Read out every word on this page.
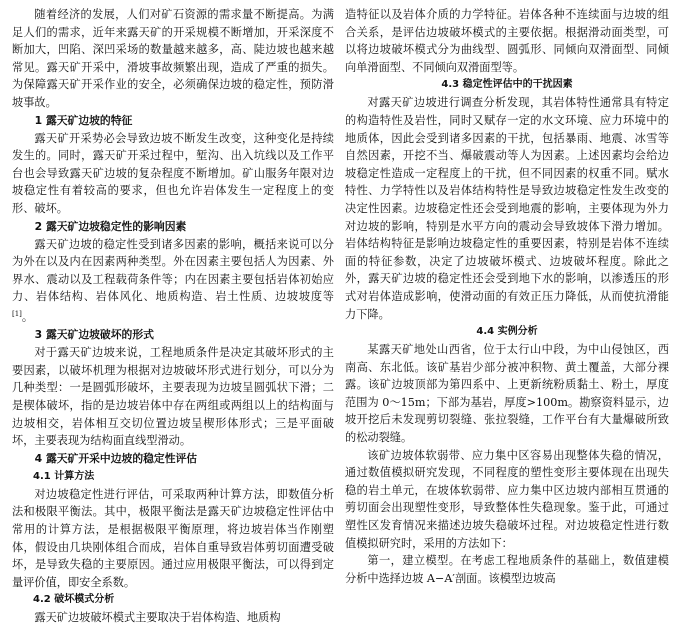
随着经济的发展，人们对矿石资源的需求量不断提高。为满足人们的需求，近年来露天矿的开采规模不断增加，开采深度不断加大，凹陷、深凹采场的数量越来越多，高、陡边坡也越来越常见。露天矿开采中，滑坡事故频繁出现，造成了严重的损失。为保障露天矿开采作业的安全，必须确保边坡的稳定性，预防滑坡事故。
1 露天矿边坡的特征
露天矿开采势必会导致边坡不断发生改变，这种变化是持续发生的。同时，露天矿开采过程中，堑沟、出入坑线以及工作平台也会导致露天矿边坡的复杂程度不断增加。矿山服务年限对边坡稳定性有着较高的要求，但也允许岩体发生一定程度上的变形、破坏。
2 露天矿边坡稳定性的影响因素
露天矿边坡的稳定性受到诸多因素的影响，概括来说可以分为外在以及内在因素两种类型。外在因素主要包括人为因素、外界水、震动以及工程载荷条件等；内在因素主要包括岩体初始应力、岩体结构、岩体风化、地质构造、岩土性质、边坡坡度等[1]。
3 露天矿边坡破坏的形式
对于露天矿边坡来说，工程地质条件是决定其破坏形式的主要因素，以破坏机理为根据对边坡破坏形式进行划分，可以分为几种类型：一是圆弧形破坏，主要表现为边坡呈圆弧状下滑；二是楔体破坏，指的是边坡岩体中存在两组或两组以上的结构面与边坡相交，岩体相互交切位置边坡呈楔形体形式；三是平面破坏，主要表现为结构面直线型滑动。
4 露天矿开采中边坡的稳定性评估
4.1 计算方法
对边坡稳定性进行评估，可采取两种计算方法，即数值分析法和极限平衡法。其中，极限平衡法是露天矿边坡稳定性评估中常用的计算方法，是根据极限平衡原理，将边坡岩体当作刚塑体，假设由几块刚体组合而成，岩体自重导致岩体剪切面遭受破坏，是导致失稳的主要原因。通过应用极限平衡法，可以得到定量评价值，即安全系数。
4.2 破坏模式分析
露天矿边坡破坏模式主要取决于岩体构造、地质构
造特征以及岩体介质的力学特征。岩体各种不连续面与边坡的组合关系，是评估边坡破坏模式的主要依据。根据滑动面类型，可以将边坡破坏模式分为曲线型、圆弧形、同倾向双滑面型、同倾向单滑面型、不同倾向双滑面型等。
4.3 稳定性评估中的干扰因素
对露天矿边坡进行调查分析发现，其岩体特性通常具有特定的构造特性及岩性，同时又赋存一定的水文环境、应力环境中的地质体，因此会受到诸多因素的干扰，包括暴雨、地震、冰雪等自然因素，开挖不当、爆破震动等人为因素。上述因素均会给边坡稳定性造成一定程度上的干扰，但不同因素的权重不同。赋水特性、力学特性以及岩体结构特性是导致边坡稳定性发生改变的决定性因素。边坡稳定性还会受到地震的影响，主要体现为外力对边坡的影响，特别是水平方向的震动会导致坡体下滑力增加。岩体结构特征是影响边坡稳定性的重要因素，特别是岩体不连续面的特征参数，决定了边坡破坏模式、边坡破坏程度。除此之外，露天矿边坡的稳定性还会受到地下水的影响，以渗透压的形式对岩体造成影响，使滑动面的有效正压力降低，从而使抗滑能力下降。
4.4 实例分析
某露天矿地处山西省，位于太行山中段，为中山侵蚀区，西南高、东北低。该矿基岩少部分被冲积物、黄土覆盖，大部分裸露。该矿边坡顶部为第四系中、上更新统粉质黏土、粉土，厚度范围为 0～15m；下部为基岩，厚度>100m。勘察资料显示，边坡开挖后未发现剪切裂缝、张拉裂缝，工作平台有大量爆破所致的松动裂缝。
该矿边坡体软弱带、应力集中区容易出现整体失稳的情况，通过数值模拟研究发现，不同程度的塑性变形主要体现在出现失稳的岩土单元，在坡体软弱带、应力集中区边坡内部相互贯通的剪切面会出现塑性变形，导致整体性失稳现象。鉴于此，可通过塑性区发育情况来描述边坡失稳破坏过程。对边坡稳定性进行数值模拟研究时，采用的方法如下：
第一，建立模型。在考虑工程地质条件的基础上，数值建模分析中选择边坡 A−A′剖面。该模型边坡高
